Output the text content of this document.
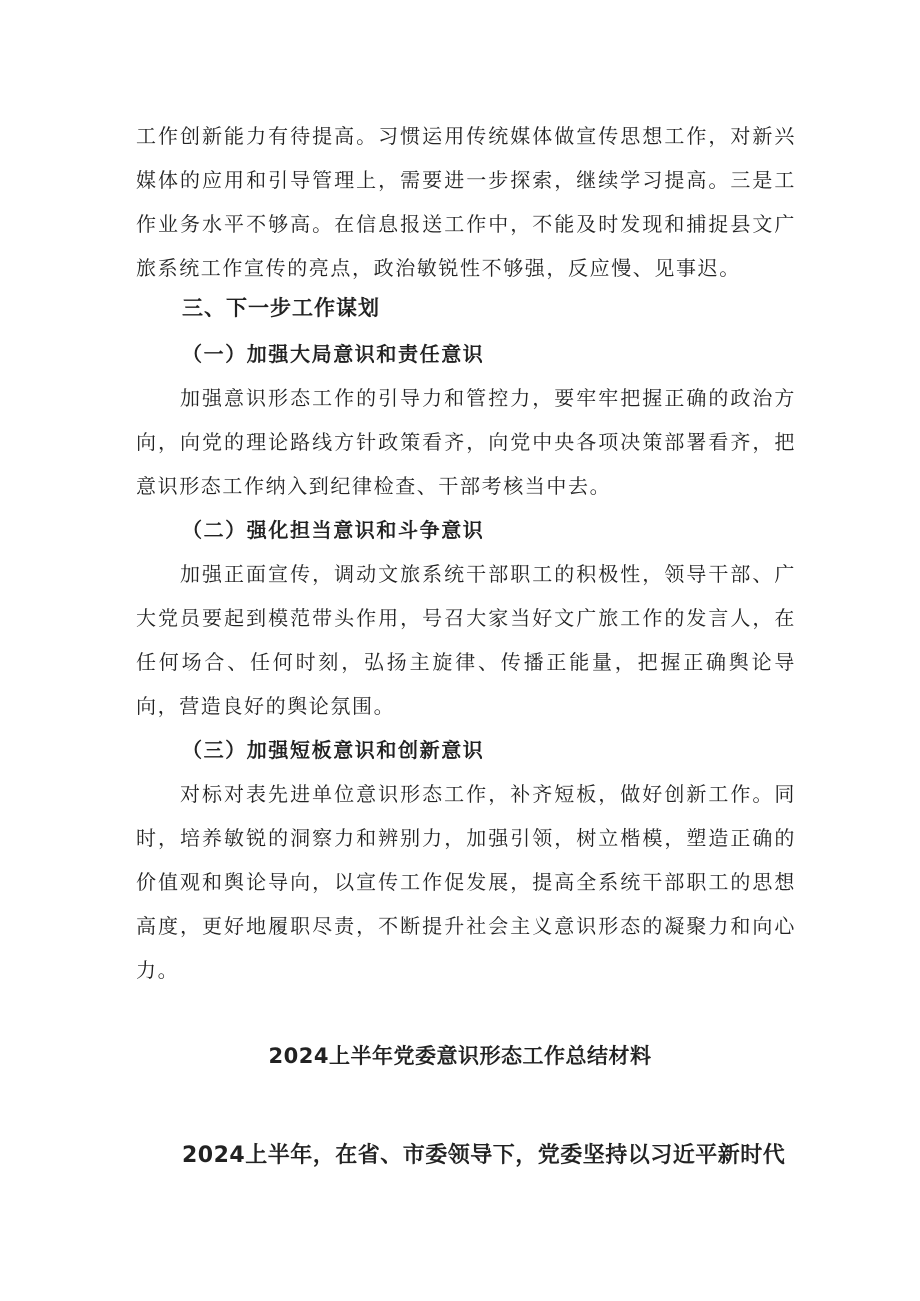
工作创新能力有待提高。习惯运用传统媒体做宣传思想工作，对新兴媒体的应用和引导管理上，需要进一步探索，继续学习提高。三是工作业务水平不够高。在信息报送工作中，不能及时发现和捕捉县文广旅系统工作宣传的亮点，政治敏锐性不够强，反应慢、见事迟。

三、下一步工作谋划
（一）加强大局意识和责任意识

加强意识形态工作的引导力和管控力，要牢牢把握正确的政治方向，向党的理论路线方针政策看齐，向党中央各项决策部署看齐，把意识形态工作纳入到纪律检查、干部考核当中去。

（二）强化担当意识和斗争意识

加强正面宣传，调动文旅系统干部职工的积极性，领导干部、广大党员要起到模范带头作用，号召大家当好文广旅工作的发言人，在任何场合、任何时刻，弘扬主旋律、传播正能量，把握正确舆论导向，营造良好的舆论氛围。

（三）加强短板意识和创新意识

对标对表先进单位意识形态工作，补齐短板，做好创新工作。同时，培养敏锐的洞察力和辨别力，加强引领，树立楷模，塑造正确的价值观和舆论导向，以宣传工作促发展，提高全系统干部职工的思想高度，更好地履职尽责，不断提升社会主义意识形态的凝聚力和向心力。

2024上半年党委意识形态工作总结材料

2024上半年，在省、市委领导下，党委坚持以习近平新时代
